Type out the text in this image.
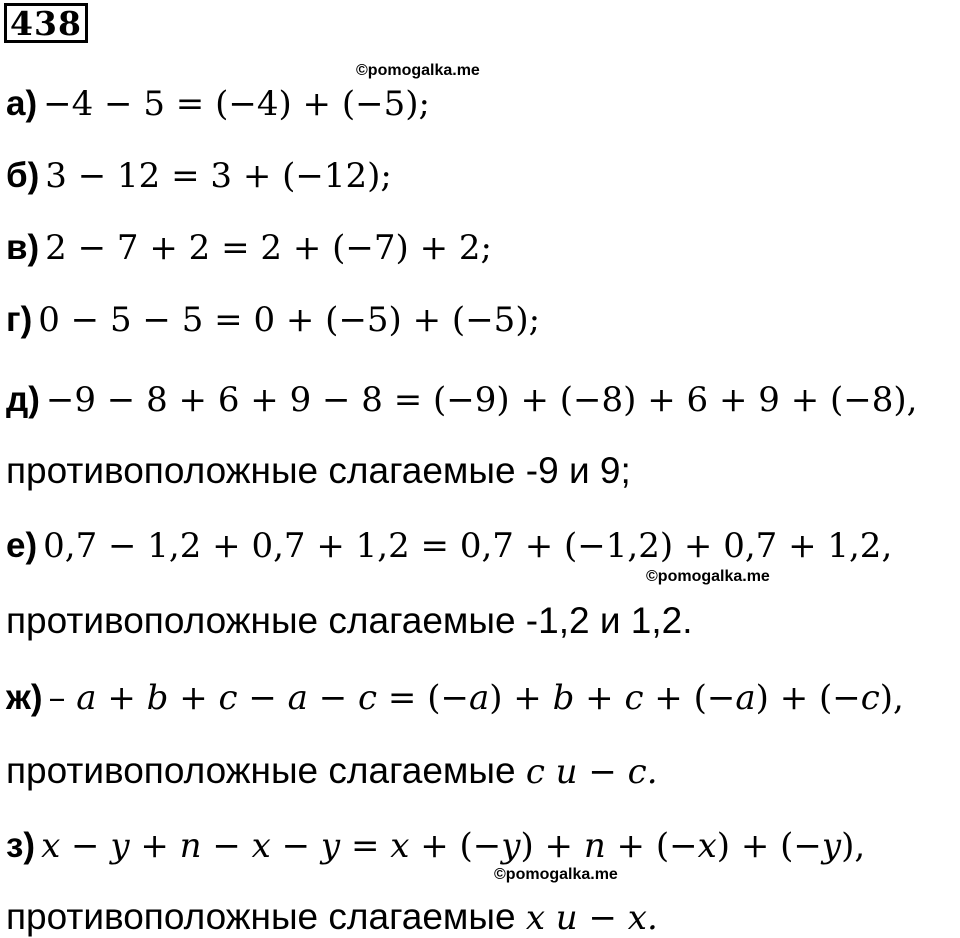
438
©pomogalka.me
а) −4 − 5 = (−4) + (−5);
б) 3 − 12 = 3 + (−12);
в) 2 − 7 + 2 = 2 + (−7) + 2;
г) 0 − 5 − 5 = 0 + (−5) + (−5);
д) −9 − 8 + 6 + 9 − 8 = (−9) + (−8) + 6 + 9 + (−8),
противоположные слагаемые -9 и 9;
е) 0,7 − 1,2 + 0,7 + 1,2 = 0,7 + (−1,2) + 0,7 + 1,2,
©pomogalka.me
противоположные слагаемые -1,2 и 1,2.
ж) – 𝑎 + 𝑏 + 𝑐 − 𝑎 − 𝑐 = (−𝑎) + 𝑏 + 𝑐 + (−𝑎) + (−𝑐),
противоположные слагаемые 𝑐 и − 𝑐.
з) 𝑥 − 𝑦 + 𝑛 − 𝑥 − 𝑦 = 𝑥 + (−𝑦) + 𝑛 + (−𝑥) + (−𝑦),
©pomogalka.me
противоположные слагаемые 𝑥 и − 𝑥.
